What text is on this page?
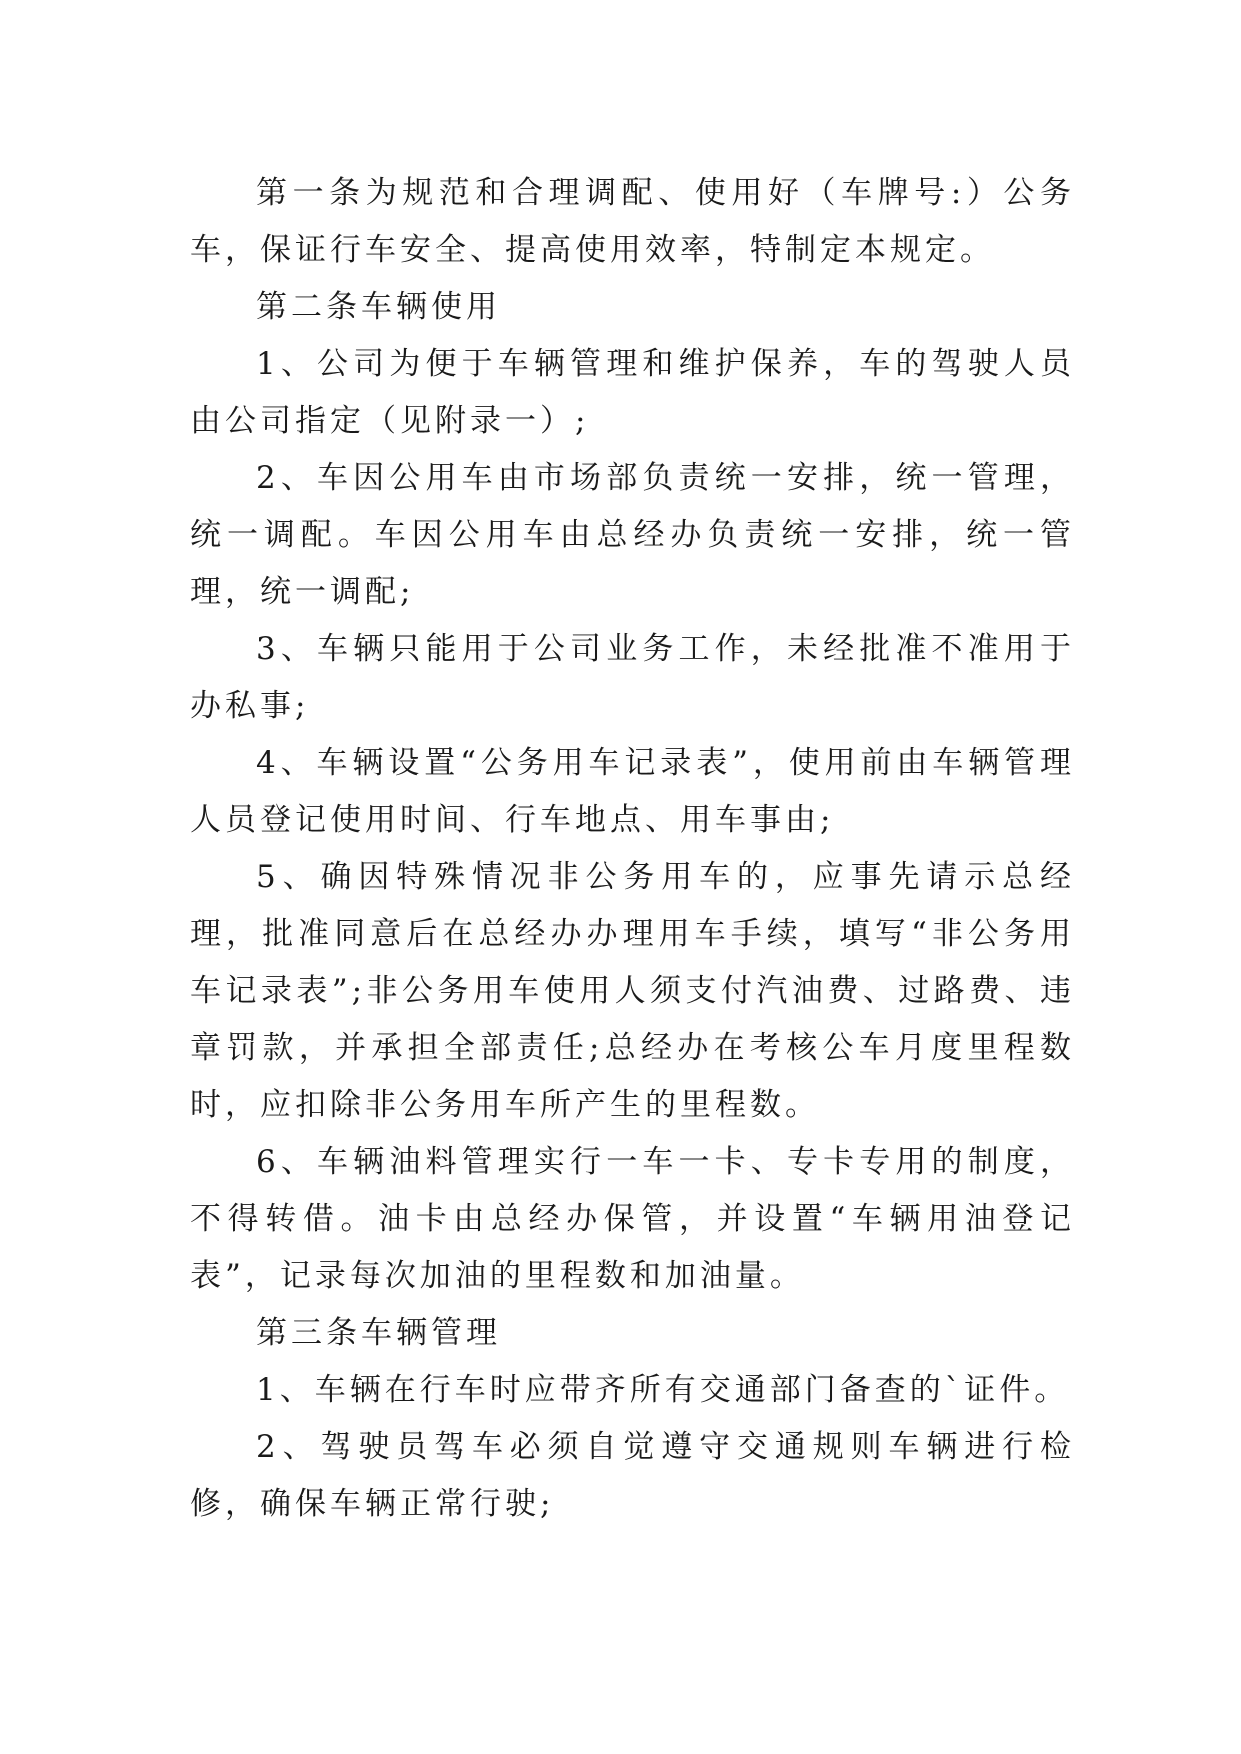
第一条为规范和合理调配、使用好（车牌号:）公务车，保证行车安全、提高使用效率，特制定本规定。

第二条车辆使用

1、公司为便于车辆管理和维护保养，车的驾驶人员由公司指定（见附录一）;

2、车因公用车由市场部负责统一安排，统一管理，统一调配。车因公用车由总经办负责统一安排，统一管理，统一调配;

3、车辆只能用于公司业务工作，未经批准不准用于办私事;

4、车辆设置“公务用车记录表”，使用前由车辆管理人员登记使用时间、行车地点、用车事由;

5、确因特殊情况非公务用车的，应事先请示总经理，批准同意后在总经办办理用车手续，填写“非公务用车记录表”;非公务用车使用人须支付汽油费、过路费、违章罚款，并承担全部责任;总经办在考核公车月度里程数时，应扣除非公务用车所产生的里程数。

6、车辆油料管理实行一车一卡、专卡专用的制度，不得转借。油卡由总经办保管，并设置“车辆用油登记表”，记录每次加油的里程数和加油量。

第三条车辆管理

1、车辆在行车时应带齐所有交通部门备查的`证件。

2、驾驶员驾车必须自觉遵守交通规则车辆进行检修，确保车辆正常行驶;
